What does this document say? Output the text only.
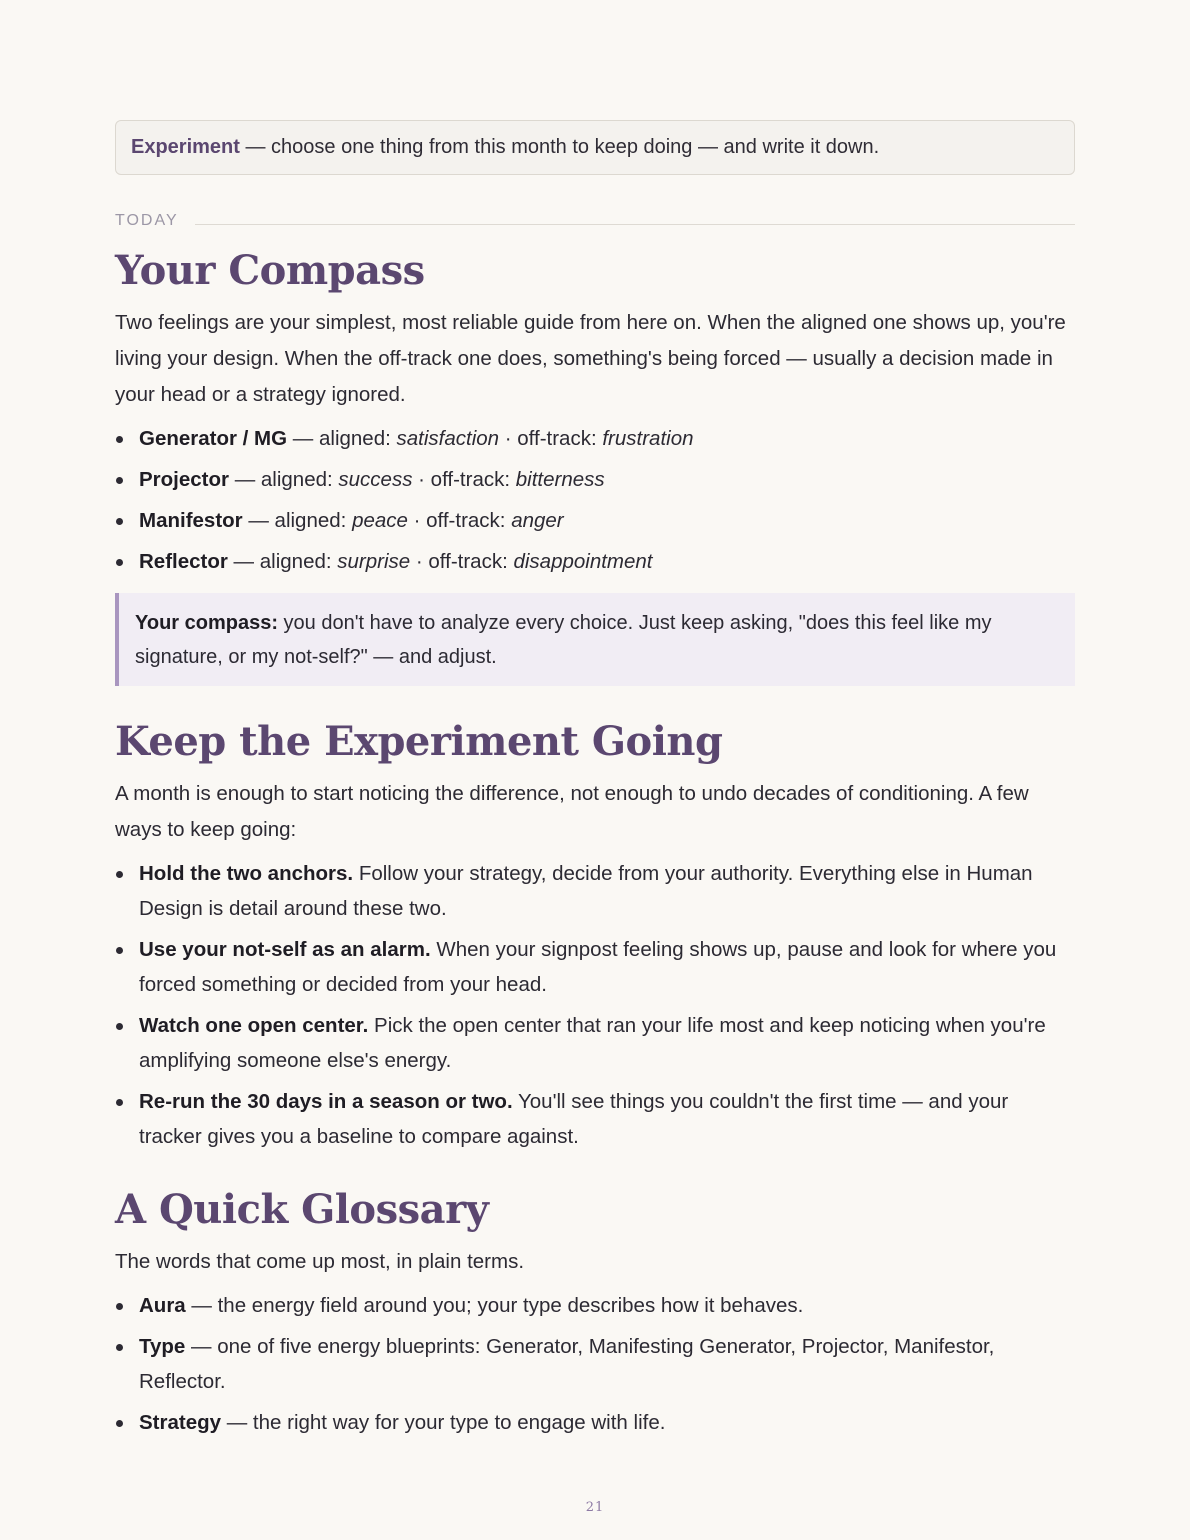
Experiment — choose one thing from this month to keep doing — and write it down.
TODAY
Your Compass

Two feelings are your simplest, most reliable guide from here on. When the aligned one shows up, you're living your design. When the off-track one does, something's being forced — usually a decision made in your head or a strategy ignored.

Generator / MG — aligned: satisfaction · off-track: frustration
Projector — aligned: success · off-track: bitterness
Manifestor — aligned: peace · off-track: anger
Reflector — aligned: surprise · off-track: disappointment
Your compass: you don't have to analyze every choice. Just keep asking, "does this feel like my signature, or my not-self?" — and adjust.
Keep the Experiment Going

A month is enough to start noticing the difference, not enough to undo decades of conditioning. A few ways to keep going:

Hold the two anchors. Follow your strategy, decide from your authority. Everything else in Human Design is detail around these two.
Use your not-self as an alarm. When your signpost feeling shows up, pause and look for where you forced something or decided from your head.
Watch one open center. Pick the open center that ran your life most and keep noticing when you're amplifying someone else's energy.
Re-run the 30 days in a season or two. You'll see things you couldn't the first time — and your tracker gives you a baseline to compare against.
A Quick Glossary

The words that come up most, in plain terms.

Aura — the energy field around you; your type describes how it behaves.
Type — one of five energy blueprints: Generator, Manifesting Generator, Projector, Manifestor, Reflector.
Strategy — the right way for your type to engage with life.
21
